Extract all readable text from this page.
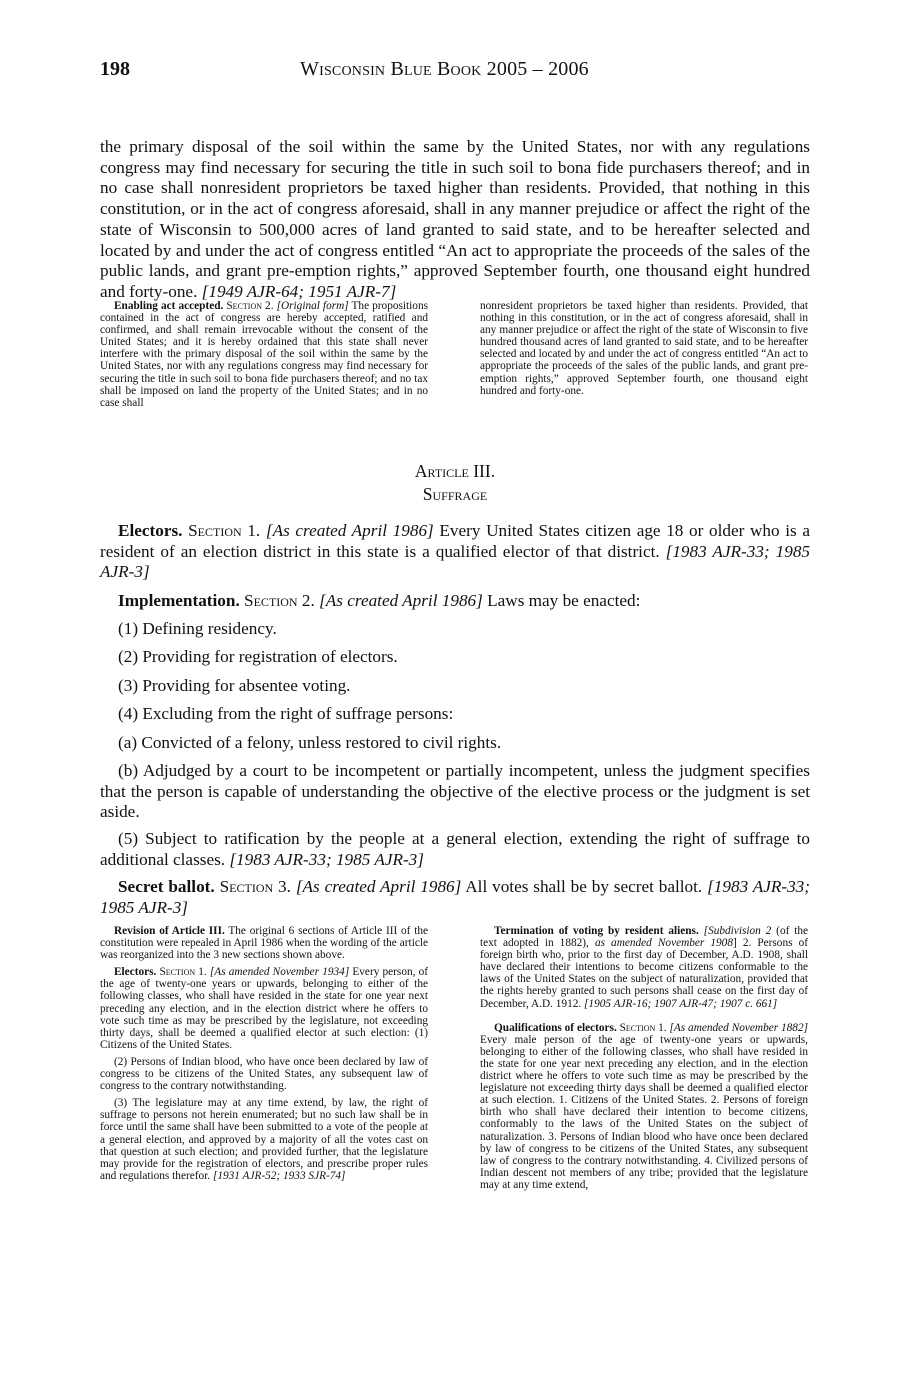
198	Wisconsin Blue Book 2005 – 2006

the primary disposal of the soil within the same by the United States, nor with any regulations congress may find necessary for securing the title in such soil to bona fide purchasers thereof; and in no case shall nonresident proprietors be taxed higher than residents. Provided, that nothing in this constitution, or in the act of congress aforesaid, shall in any manner prejudice or affect the right of the state of Wisconsin to 500,000 acres of land granted to said state, and to be hereafter selected and located by and under the act of congress entitled “An act to appropriate the proceeds of the sales of the public lands, and grant pre-emption rights,” approved September fourth, one thousand eight hundred and forty-one. [1949 AJR-64; 1951 AJR-7]

Enabling act accepted. Section 2. [Original form] The propositions contained in the act of congress are hereby accepted, ratified and confirmed, and shall remain irrevocable without the consent of the United States; and it is hereby ordained that this state shall never interfere with the primary disposal of the soil within the same by the United States, nor with any regulations congress may find necessary for securing the title in such soil to bona fide purchasers thereof; and no tax shall be imposed on land the property of the United States; and in no case shall

nonresident proprietors be taxed higher than residents. Provided, that nothing in this constitution, or in the act of congress aforesaid, shall in any manner prejudice or affect the right of the state of Wisconsin to five hundred thousand acres of land granted to said state, and to be hereafter selected and located by and under the act of congress entitled “An act to appropriate the proceeds of the sales of the public lands, and grant pre-emption rights,” approved September fourth, one thousand eight hundred and forty-one.

Article III.
Suffrage

Electors. Section 1. [As created April 1986] Every United States citizen age 18 or older who is a resident of an election district in this state is a qualified elector of that district. [1983 AJR-33; 1985 AJR-3]

Implementation. Section 2. [As created April 1986] Laws may be enacted:

(1) Defining residency.
(2) Providing for registration of electors.
(3) Providing for absentee voting.
(4) Excluding from the right of suffrage persons:
(a) Convicted of a felony, unless restored to civil rights.

(b) Adjudged by a court to be incompetent or partially incompetent, unless the judgment specifies that the person is capable of understanding the objective of the elective process or the judgment is set aside.

(5) Subject to ratification by the people at a general election, extending the right of suffrage to additional classes. [1983 AJR-33; 1985 AJR-3]

Secret ballot. Section 3. [As created April 1986] All votes shall be by secret ballot. [1983 AJR-33; 1985 AJR-3]

Revision of Article III. The original 6 sections of Article III of the constitution were repealed in April 1986 when the wording of the article was reorganized into the 3 new sections shown above.

Electors. Section 1. [As amended November 1934] Every person, of the age of twenty-one years or upwards, belonging to either of the following classes, who shall have resided in the state for one year next preceding any election, and in the election district where he offers to vote such time as may be prescribed by the legislature, not exceeding thirty days, shall be deemed a qualified elector at such election: (1) Citizens of the United States.

(2) Persons of Indian blood, who have once been declared by law of congress to be citizens of the United States, any subsequent law of congress to the contrary notwithstanding.

(3) The legislature may at any time extend, by law, the right of suffrage to persons not herein enumerated; but no such law shall be in force until the same shall have been submitted to a vote of the people at a general election, and approved by a majority of all the votes cast on that question at such election; and provided further, that the legislature may provide for the registration of electors, and prescribe proper rules and regulations therefor. [1931 AJR-52; 1933 SJR-74]

Termination of voting by resident aliens. [Subdivision 2 (of the text adopted in 1882), as amended November 1908] 2. Persons of foreign birth who, prior to the first day of December, A.D. 1908, shall have declared their intentions to become citizens conformable to the laws of the United States on the subject of naturalization, provided that the rights hereby granted to such persons shall cease on the first day of December, A.D. 1912. [1905 AJR-16; 1907 AJR-47; 1907 c. 661]

Qualifications of electors. Section 1. [As amended November 1882] Every male person of the age of twenty-one years or upwards, belonging to either of the following classes, who shall have resided in the state for one year next preceding any election, and in the election district where he offers to vote such time as may be prescribed by the legislature not exceeding thirty days shall be deemed a qualified elector at such election. 1. Citizens of the United States. 2. Persons of foreign birth who shall have declared their intention to become citizens, conformably to the laws of the United States on the subject of naturalization. 3. Persons of Indian blood who have once been declared by law of congress to be citizens of the United States, any subsequent law of congress to the contrary notwithstanding. 4. Civilized persons of Indian descent not members of any tribe; provided that the legislature may at any time extend,
